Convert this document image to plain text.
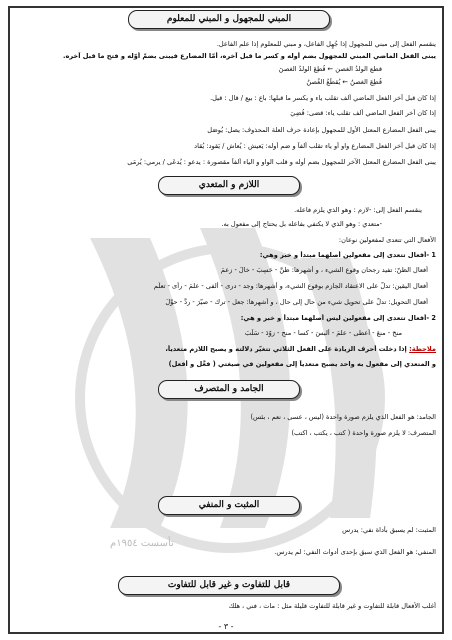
المبني للمجهول و المبني للمعلوم
ينقسم الفعل إلى مبني للمجهول إذا جُهِل الفاعل، و مبني للمعلوم إذا علم الفاعل.
يبنى الفعل الماضي المبني للمجهول بضم أوله و كسر ما قبل آخره، أمّا المضارع فيبنى بضمّ أوّله و فتح ما قبل آخره.
قطع الولدُ الغصن ← قُطِعَ الولدُ الغصنَ
قُطِعَ الغصنُ ← يُقطَعُ الغُصنُ
إذا كان قبل آخر الفعل الماضي ألف تقلب ياء و يكسر ما قبلها: باع : بيع / قال : قيل.
إذا كان آخر الفعل الماضي ألف تقلب ياء: قضى: قُضِيَ
يبنى الفعل المضارع المعتل الأول للمجهول بإعادة حرف العلة المحذوف: يصل: يُوصَل
إذا كان قبل آخر الفعل المضارع واو أو ياء تقلب ألفاً و ضم أوله: يَعيش : يُعاش / يَقود: يُقاد
يبنى الفعل المضارع المعتل الآخر للمجهول بضم أوله و قلب الواو و الياء ألفاً مقصورة : يدعو : يُدعَى / يرمي: يُرمَى
اللازم و المتعدي
ينقسم الفعل إلى: -لازم : وهو الذي يلزم فاعله.
-متعدي : وهو الذي لا يكتفي بفاعله بل يحتاج إلى مفعول به.
الأفعال التي تتعدى لمفعولين نوعان:
1 -أفعال تتعدى إلى مفعولين أصلهما مبتدأ و خبر وهي:
أفعال الظنّ: تفيد رجحان وقوع الشيء ، و أشهرها: ظنَّ - حَسِبَ - خالَ - زعمَ
أفعال اليقين: تدلّ على الاعتقاد الجازم بوقوع الشيء، و أشهرها: وجد - درى - ألفى - علمَ - رأى - تعلَّم
أفعال التحويل: تدلّ على تحويل شيء من حال إلى حال ، و أشهرها: جعل - ترك - صيّرَ - ردَّ - حوَّلَ
2 -أفعال تتعدى إلى مفعولين ليس أصلهما مبتدأ و خبر و هي:
منحَ - منعَ - أعطى - علمَ - ألبسَ - كسا - منح - زوّدَ - سَلَبَ
ملاحظة: إذا دخلت أحرف الزيادة على الفعل الثلاثي تتغيّر دلالته و يصبح اللازم متعدياً،
و المتعدي إلى مفعول به واحد يصبح متعدياً إلى مفعولين في صيغتي ( فعَّل و أفعل)
الجامد و المتصرف
الجامد: هو الفعل الذي يلزم صورة واحدة (ليس ، عسى ، نعم ، بئس)
المتصرف: لا يلزم صورة واحدة ( كتب ، يكتب ، اكتب)
المثبت و المنفي
المثبت: لم يسبق بأداة نفي: يدرس
المنفي: هو الفعل الذي سبق بإحدى أدوات النفي: لم يدرس.
قابل للتفاوت و غير قابل للتفاوت
أغلب الأفعال قابلة للتفاوت و غير قابلة للتفاوت قليلة مثل : مات ، فني ، هلك
تأسست ١٩٥٤م
- ٣ -
